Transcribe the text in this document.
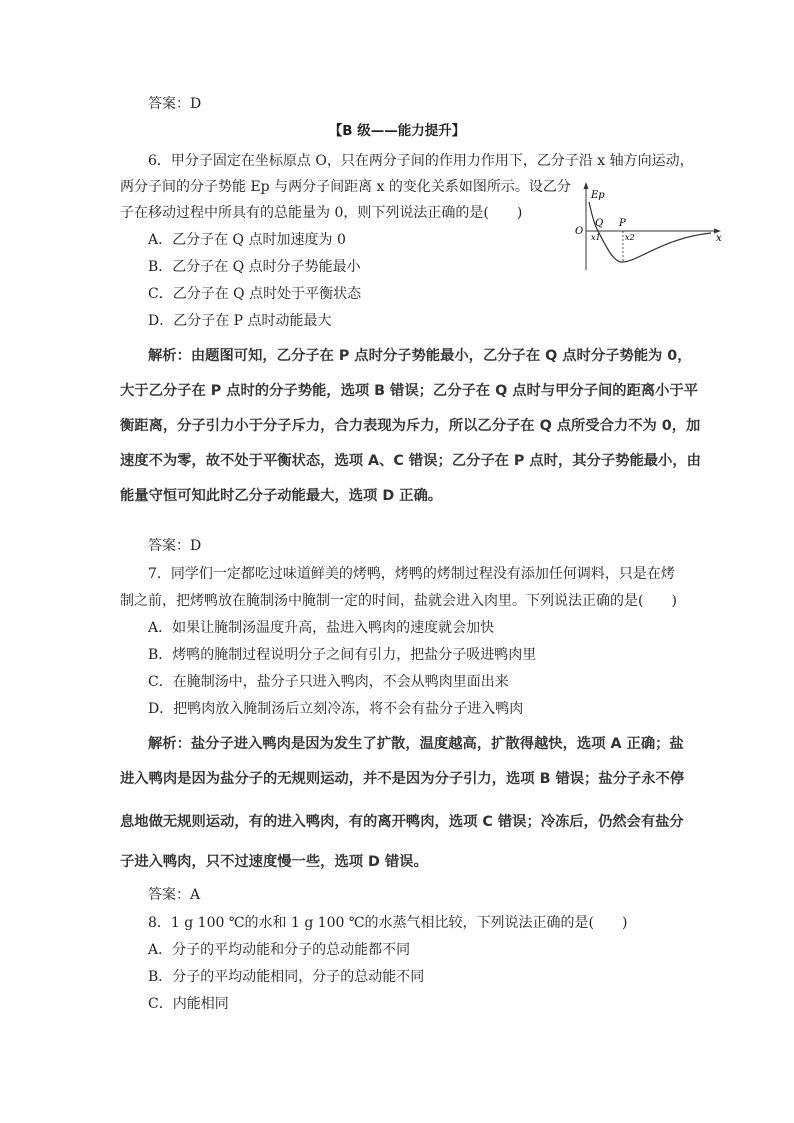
答案：D
【B 级——能力提升】
6．甲分子固定在坐标原点 O，只在两分子间的作用力作用下，乙分子沿 x 轴方向运动，
两分子间的分子势能 Ep 与两分子间距离 x 的变化关系如图所示。设乙分
子在移动过程中所具有的总能量为 0，则下列说法正确的是(　　)
A．乙分子在 Q 点时加速度为 0
B．乙分子在 Q 点时分子势能最小
C．乙分子在 Q 点时处于平衡状态
D．乙分子在 P 点时动能最大
Ep
O
x
Q P
x1	x2
解析：由题图可知，乙分子在 P 点时分子势能最小，乙分子在 Q 点时分子势能为 0，
大于乙分子在 P 点时的分子势能，选项 B 错误；乙分子在 Q 点时与甲分子间的距离小于平
衡距离，分子引力小于分子斥力，合力表现为斥力，所以乙分子在 Q 点所受合力不为 0，加
速度不为零，故不处于平衡状态，选项 A、C 错误；乙分子在 P 点时，其分子势能最小，由
能量守恒可知此时乙分子动能最大，选项 D 正确。
答案：D
7．同学们一定都吃过味道鲜美的烤鸭，烤鸭的烤制过程没有添加任何调料，只是在烤
制之前，把烤鸭放在腌制汤中腌制一定的时间，盐就会进入肉里。下列说法正确的是(　　)
A．如果让腌制汤温度升高，盐进入鸭肉的速度就会加快
B．烤鸭的腌制过程说明分子之间有引力，把盐分子吸进鸭肉里
C．在腌制汤中，盐分子只进入鸭肉，不会从鸭肉里面出来
D．把鸭肉放入腌制汤后立刻冷冻，将不会有盐分子进入鸭肉
解析：盐分子进入鸭肉是因为发生了扩散，温度越高，扩散得越快，选项 A 正确；盐
进入鸭肉是因为盐分子的无规则运动，并不是因为分子引力，选项 B 错误；盐分子永不停
息地做无规则运动，有的进入鸭肉，有的离开鸭肉，选项 C 错误；冷冻后，仍然会有盐分
子进入鸭肉，只不过速度慢一些，选项 D 错误。
答案：A
8．1 g 100 ℃的水和 1 g 100 ℃的水蒸气相比较，下列说法正确的是(　　)
A．分子的平均动能和分子的总动能都不同
B．分子的平均动能相同，分子的总动能不同
C．内能相同
